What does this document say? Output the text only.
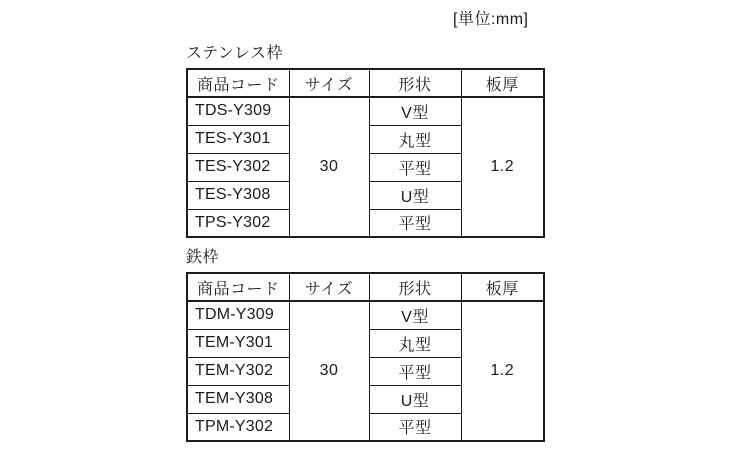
[単位:mm]
ステンレス枠
商品コード	サイズ	形状	板厚
TDS-Y309	30	V型	1.2
TES-Y301		丸型	
TES-Y302		平型	
TES-Y308		U型	
TPS-Y302		平型	
鉄枠
商品コード	サイズ	形状	板厚
TDM-Y309	30	V型	1.2
TEM-Y301		丸型	
TEM-Y302		平型	
TEM-Y308		U型	
TPM-Y302		平型	
